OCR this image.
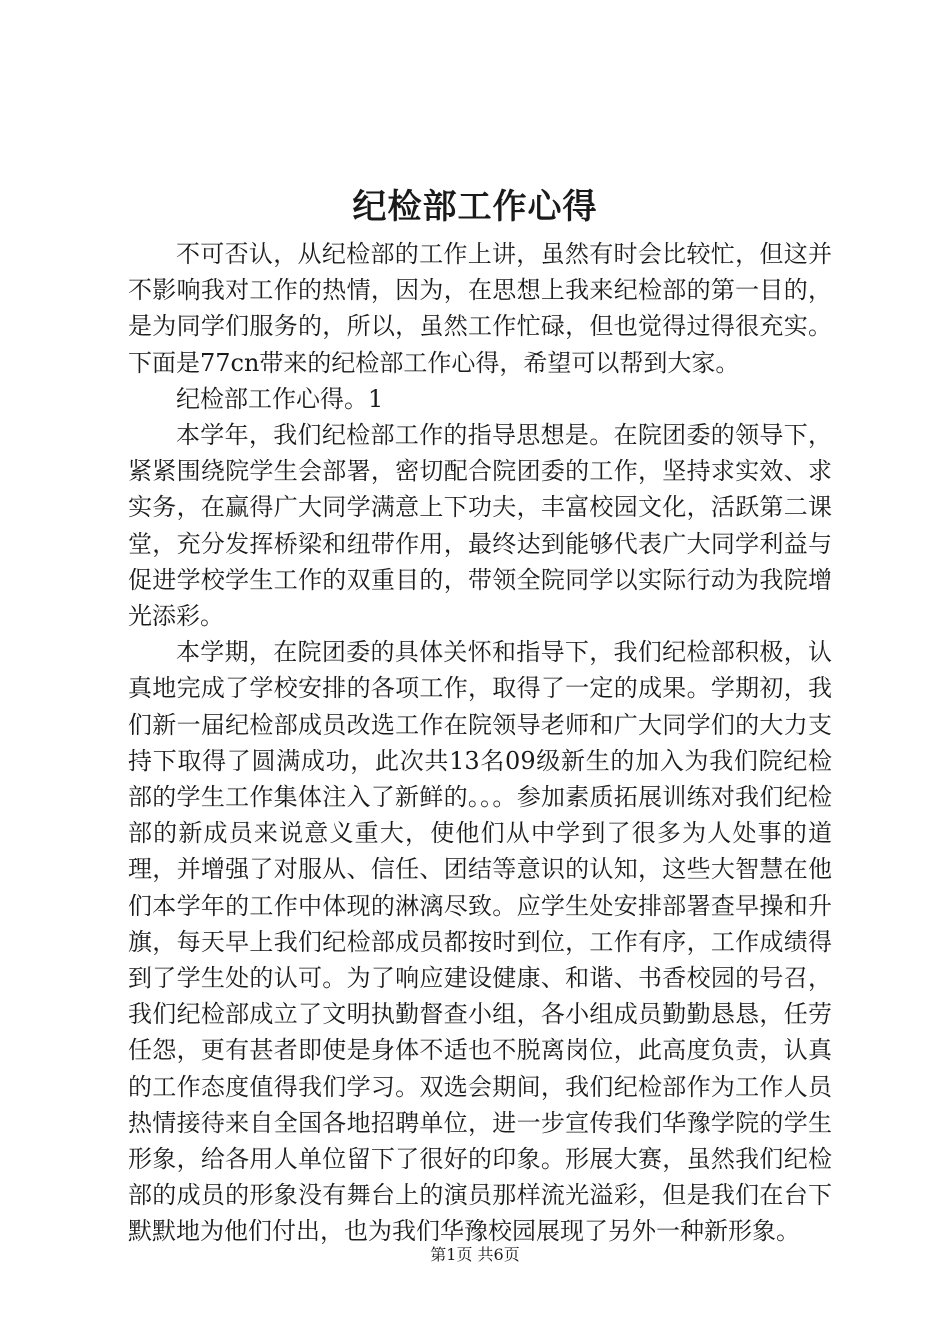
纪检部工作心得

不可否认，从纪检部的工作上讲，虽然有时会比较忙，但这并不影响我对工作的热情，因为，在思想上我来纪检部的第一目的，是为同学们服务的，所以，虽然工作忙碌，但也觉得过得很充实。下面是77cn带来的纪检部工作心得，希望可以帮到大家。

纪检部工作心得。1

本学年，我们纪检部工作的指导思想是。在院团委的领导下，紧紧围绕院学生会部署，密切配合院团委的工作，坚持求实效、求实务，在赢得广大同学满意上下功夫，丰富校园文化，活跃第二课堂，充分发挥桥梁和纽带作用，最终达到能够代表广大同学利益与促进学校学生工作的双重目的，带领全院同学以实际行动为我院增光添彩。

本学期，在院团委的具体关怀和指导下，我们纪检部积极，认真地完成了学校安排的各项工作，取得了一定的成果。学期初，我们新一届纪检部成员改选工作在院领导老师和广大同学们的大力支持下取得了圆满成功，此次共13名09级新生的加入为我们院纪检部的学生工作集体注入了新鲜的。。。参加素质拓展训练对我们纪检部的新成员来说意义重大，使他们从中学到了很多为人处事的道理，并增强了对服从、信任、团结等意识的认知，这些大智慧在他们本学年的工作中体现的淋漓尽致。应学生处安排部署查早操和升旗，每天早上我们纪检部成员都按时到位，工作有序，工作成绩得到了学生处的认可。为了响应建设健康、和谐、书香校园的号召，我们纪检部成立了文明执勤督查小组，各小组成员勤勤恳恳，任劳任怨，更有甚者即使是身体不适也不脱离岗位，此高度负责，认真的工作态度值得我们学习。双选会期间，我们纪检部作为工作人员热情接待来自全国各地招聘单位，进一步宣传我们华豫学院的学生形象，给各用人单位留下了很好的印象。形展大赛，虽然我们纪检部的成员的形象没有舞台上的演员那样流光溢彩，但是我们在台下默默地为他们付出，也为我们华豫校园展现了另外一种新形象。

第1页 共6页
